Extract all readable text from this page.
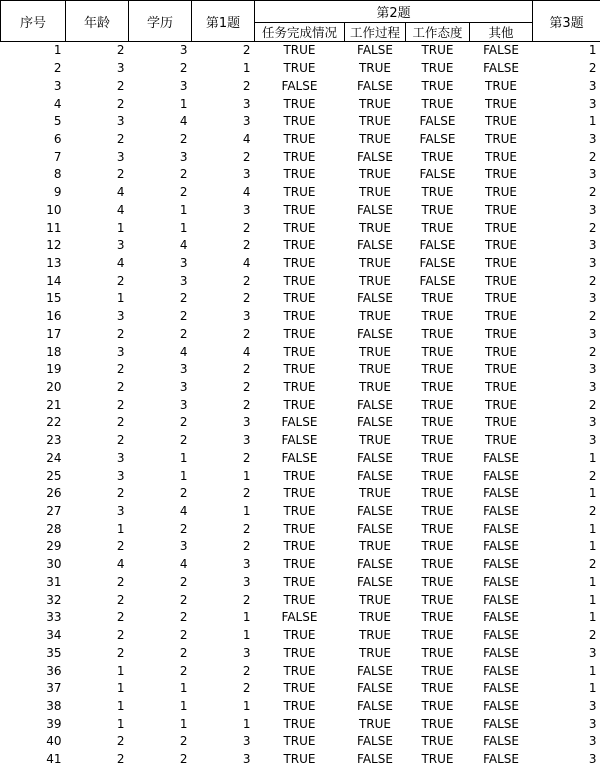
序号	年龄	学历	第1题	第2题				第3题
				任务完成情况	工作过程	工作态度	其他	
1	2	3	2	TRUE	FALSE	TRUE	FALSE	1
2	3	2	1	TRUE	TRUE	TRUE	FALSE	2
3	2	3	2	FALSE	FALSE	TRUE	TRUE	3
4	2	1	3	TRUE	TRUE	TRUE	TRUE	3
5	3	4	3	TRUE	TRUE	FALSE	TRUE	1
6	2	2	4	TRUE	TRUE	FALSE	TRUE	3
7	3	3	2	TRUE	FALSE	TRUE	TRUE	2
8	2	2	3	TRUE	TRUE	FALSE	TRUE	3
9	4	2	4	TRUE	TRUE	TRUE	TRUE	2
10	4	1	3	TRUE	FALSE	TRUE	TRUE	3
11	1	1	2	TRUE	TRUE	TRUE	TRUE	2
12	3	4	2	TRUE	FALSE	FALSE	TRUE	3
13	4	3	4	TRUE	TRUE	FALSE	TRUE	3
14	2	3	2	TRUE	TRUE	FALSE	TRUE	2
15	1	2	2	TRUE	FALSE	TRUE	TRUE	3
16	3	2	3	TRUE	TRUE	TRUE	TRUE	2
17	2	2	2	TRUE	FALSE	TRUE	TRUE	3
18	3	4	4	TRUE	TRUE	TRUE	TRUE	2
19	2	3	2	TRUE	TRUE	TRUE	TRUE	3
20	2	3	2	TRUE	TRUE	TRUE	TRUE	3
21	2	3	2	TRUE	FALSE	TRUE	TRUE	2
22	2	2	3	FALSE	FALSE	TRUE	TRUE	3
23	2	2	3	FALSE	TRUE	TRUE	TRUE	3
24	3	1	2	FALSE	FALSE	TRUE	FALSE	1
25	3	1	1	TRUE	FALSE	TRUE	FALSE	2
26	2	2	2	TRUE	TRUE	TRUE	FALSE	1
27	3	4	1	TRUE	FALSE	TRUE	FALSE	2
28	1	2	2	TRUE	FALSE	TRUE	FALSE	1
29	2	3	2	TRUE	TRUE	TRUE	FALSE	1
30	4	4	3	TRUE	FALSE	TRUE	FALSE	2
31	2	2	3	TRUE	FALSE	TRUE	FALSE	1
32	2	2	2	TRUE	TRUE	TRUE	FALSE	1
33	2	2	1	FALSE	TRUE	TRUE	FALSE	1
34	2	2	1	TRUE	TRUE	TRUE	FALSE	2
35	2	2	3	TRUE	TRUE	TRUE	FALSE	3
36	1	2	2	TRUE	FALSE	TRUE	FALSE	1
37	1	1	2	TRUE	FALSE	TRUE	FALSE	1
38	1	1	1	TRUE	FALSE	TRUE	FALSE	3
39	1	1	1	TRUE	TRUE	TRUE	FALSE	3
40	2	2	3	TRUE	FALSE	TRUE	FALSE	3
41	2	2	3	TRUE	FALSE	TRUE	FALSE	3
